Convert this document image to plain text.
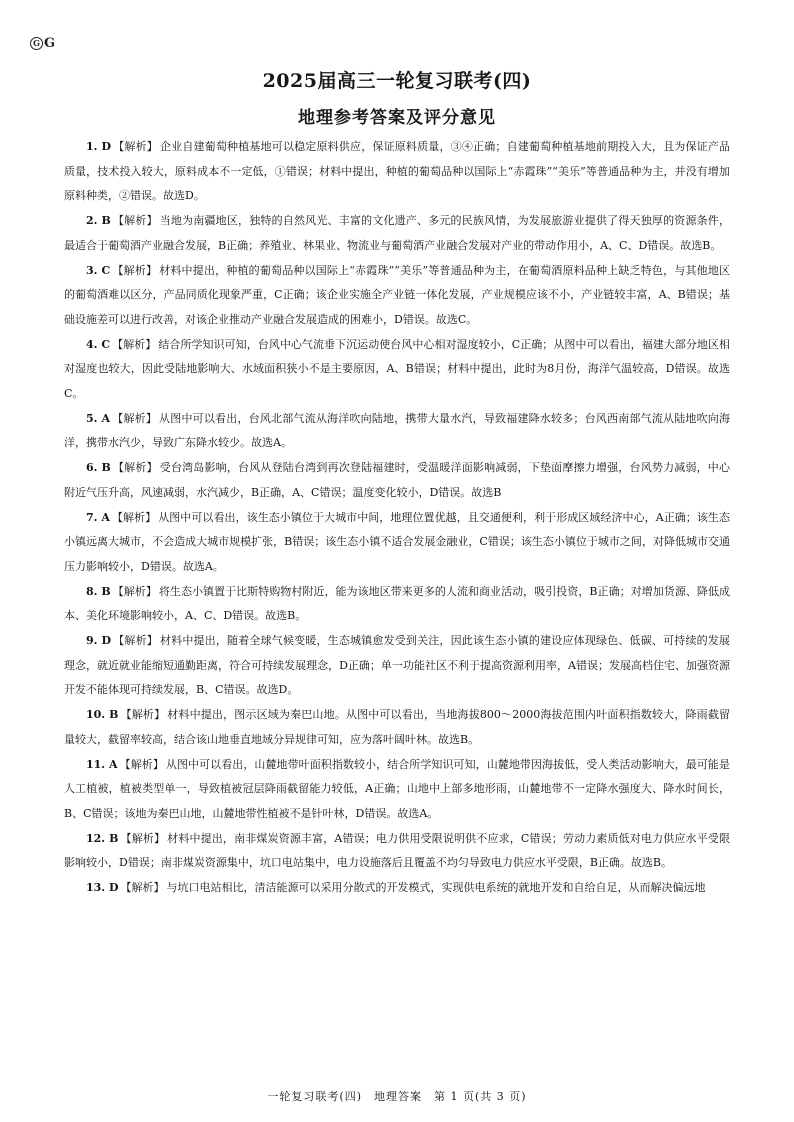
G G
2025届高三一轮复习联考(四)
地理参考答案及评分意见

1. D 【解析】 企业自建葡萄种植基地可以稳定原料供应，保证原料质量，③④正确；自建葡萄种植基地前期投入大，且为保证产品质量，技术投入较大，原料成本不一定低，①错误；材料中提出，种植的葡萄品种以国际上“赤霞珠”“美乐”等普通品种为主，并没有增加原料种类，②错误。故选D。

2. B 【解析】 当地为南疆地区，独特的自然风光、丰富的文化遗产、多元的民族风情，为发展旅游业提供了得天独厚的资源条件，最适合于葡萄酒产业融合发展，B正确；养殖业、林果业、物流业与葡萄酒产业融合发展对产业的带动作用小，A、C、D错误。故选B。

3. C 【解析】 材料中提出，种植的葡萄品种以国际上“赤霞珠”“美乐”等普通品种为主，在葡萄酒原料品种上缺乏特色，与其他地区的葡萄酒难以区分，产品同质化现象严重，C正确；该企业实施全产业链一体化发展，产业规模应该不小，产业链较丰富，A、B错误；基础设施差可以进行改善，对该企业推动产业融合发展造成的困难小，D错误。故选C。

4. C 【解析】 结合所学知识可知，台风中心气流垂下沉运动使台风中心相对湿度较小，C正确；从图中可以看出，福建大部分地区相对湿度也较大，因此受陆地影响大、水域面积狭小不是主要原因，A、B错误；材料中提出，此时为8月份，海洋气温较高，D错误。故选C。

5. A 【解析】 从图中可以看出，台风北部气流从海洋吹向陆地，携带大量水汽，导致福建降水较多；台风西南部气流从陆地吹向海洋，携带水汽少，导致广东降水较少。故选A。

6. B 【解析】 受台湾岛影响，台风从登陆台湾到再次登陆福建时，受温暖洋面影响减弱，下垫面摩擦力增强，台风势力减弱，中心附近气压升高，风速减弱，水汽减少，B正确，A、C错误；温度变化较小，D错误。故选B

7. A 【解析】 从图中可以看出，该生态小镇位于大城市中间，地理位置优越，且交通便利，利于形成区域经济中心，A正确；该生态小镇远离大城市，不会造成大城市规模扩张，B错误；该生态小镇不适合发展金融业，C错误；该生态小镇位于城市之间，对降低城市交通压力影响较小，D错误。故选A。

8. B 【解析】 将生态小镇置于比斯特购物村附近，能为该地区带来更多的人流和商业活动，吸引投资，B正确；对增加货源、降低成本、美化环境影响较小，A、C、D错误。故选B。

9. D 【解析】 材料中提出，随着全球气候变暖，生态城镇愈发受到关注，因此该生态小镇的建设应体现绿色、低碳、可持续的发展理念，就近就业能缩短通勤距离，符合可持续发展理念，D正确；单一功能社区不利于提高资源利用率，A错误；发展高档住宅、加强资源开发不能体现可持续发展，B、C错误。故选D。

10. B 【解析】 材料中提出，图示区域为秦巴山地。从图中可以看出，当地海拔800～2000海拔范围内叶面积指数较大，降雨截留量较大，截留率较高，结合该山地垂直地域分异规律可知，应为落叶阔叶林。故选B。

11. A 【解析】 从图中可以看出，山麓地带叶面积指数较小，结合所学知识可知，山麓地带因海拔低，受人类活动影响大，最可能是人工植被，植被类型单一，导致植被冠层降雨截留能力较低，A正确；山地中上部多地形雨，山麓地带不一定降水强度大、降水时间长，B、C错误；该地为秦巴山地，山麓地带性植被不是针叶林，D错误。故选A。

12. B 【解析】 材料中提出，南非煤炭资源丰富，A错误；电力供用受限说明供不应求，C错误；劳动力素质低对电力供应水平受限影响较小，D错误；南非煤炭资源集中，坑口电站集中，电力设施落后且覆盖不均匀导致电力供应水平受限，B正确。故选B。

13. D 【解析】 与坑口电站相比，清洁能源可以采用分散式的开发模式，实现供电系统的就地开发和自给自足，从而解决偏远地

一轮复习联考(四)　地理答案　第 1 页(共 3 页)
